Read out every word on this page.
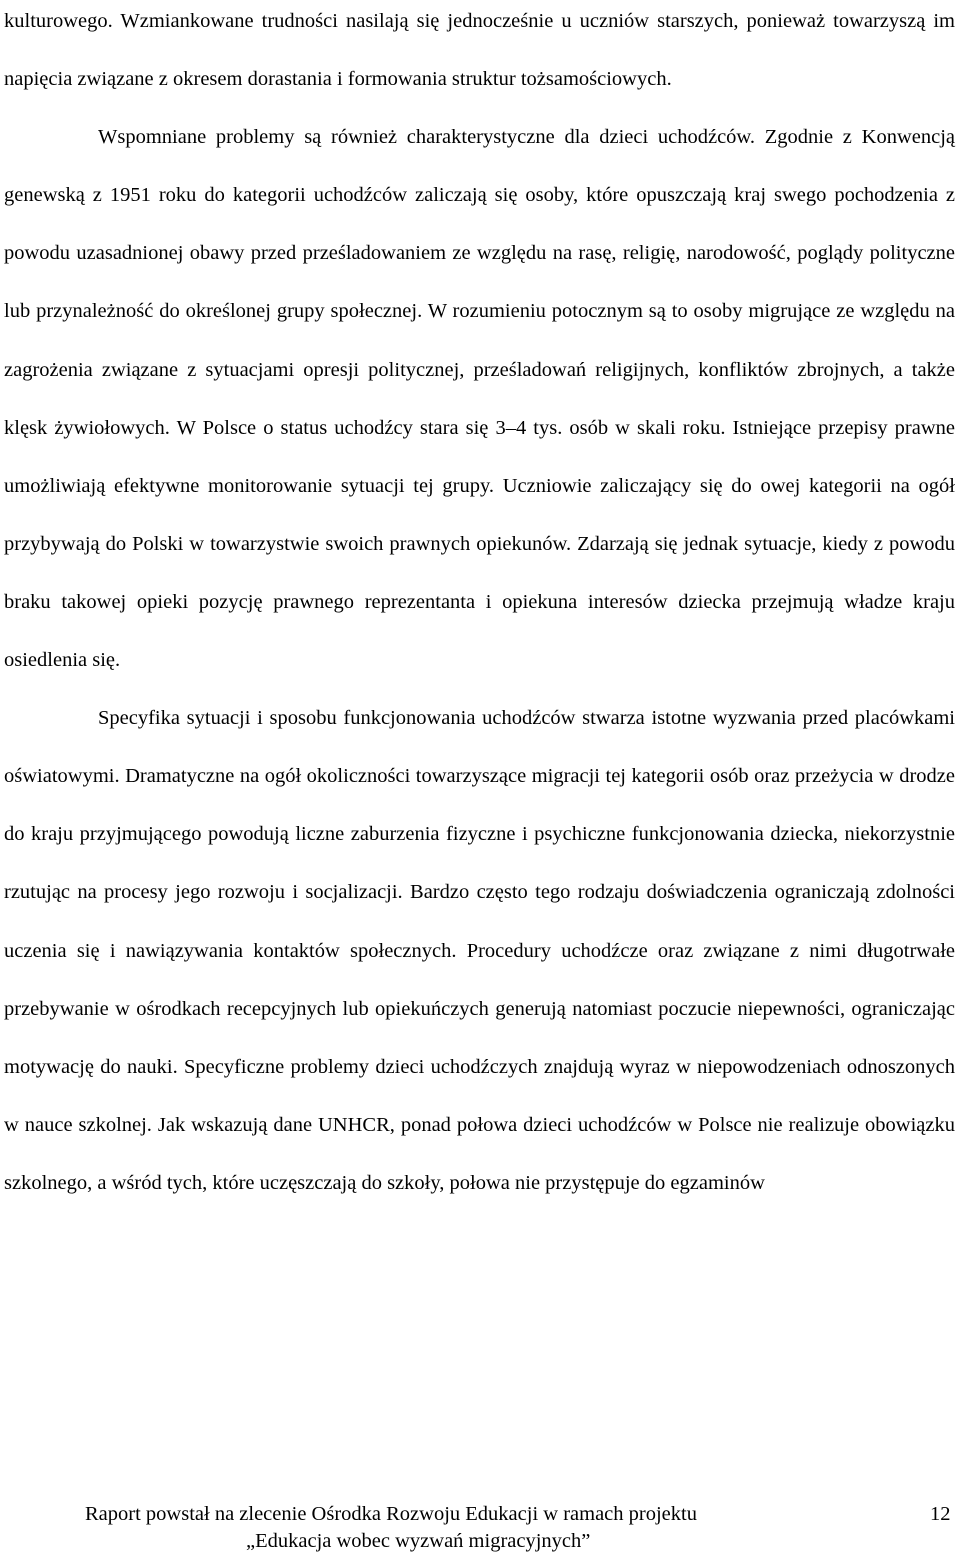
kulturowego. Wzmiankowane trudności nasilają się jednocześnie u uczniów starszych, ponieważ towarzyszą im napięcia związane z okresem dorastania i formowania struktur tożsamościowych.

Wspomniane problemy są również charakterystyczne dla dzieci uchodźców. Zgodnie z Konwencją genewską z 1951 roku do kategorii uchodźców zaliczają się osoby, które opuszczają kraj swego pochodzenia z powodu uzasadnionej obawy przed prześladowaniem ze względu na rasę, religię, narodowość, poglądy polityczne lub przynależność do określonej grupy społecznej. W rozumieniu potocznym są to osoby migrujące ze względu na zagrożenia związane z sytuacjami opresji politycznej, prześladowań religijnych, konfliktów zbrojnych, a także klęsk żywiołowych. W Polsce o status uchodźcy stara się 3–4 tys. osób w skali roku. Istniejące przepisy prawne umożliwiają efektywne monitorowanie sytuacji tej grupy. Uczniowie zaliczający się do owej kategorii na ogół przybywają do Polski w towarzystwie swoich prawnych opiekunów. Zdarzają się jednak sytuacje, kiedy z powodu braku takowej opieki pozycję prawnego reprezentanta i opiekuna interesów dziecka przejmują władze kraju osiedlenia się.

Specyfika sytuacji i sposobu funkcjonowania uchodźców stwarza istotne wyzwania przed placówkami oświatowymi. Dramatyczne na ogół okoliczności towarzyszące migracji tej kategorii osób oraz przeżycia w drodze do kraju przyjmującego powodują liczne zaburzenia fizyczne i psychiczne funkcjonowania dziecka, niekorzystnie rzutując na procesy jego rozwoju i socjalizacji. Bardzo często tego rodzaju doświadczenia ograniczają zdolności uczenia się i nawiązywania kontaktów społecznych. Procedury uchodźcze oraz związane z nimi długotrwałe przebywanie w ośrodkach recepcyjnych lub opiekuńczych generują natomiast poczucie niepewności, ograniczając motywację do nauki. Specyficzne problemy dzieci uchodźczych znajdują wyraz w niepowodzeniach odnoszonych w nauce szkolnej. Jak wskazują dane UNHCR, ponad połowa dzieci uchodźców w Polsce nie realizuje obowiązku szkolnego, a wśród tych, które uczęszczają do szkoły, połowa nie przystępuje do egzaminów

Raport powstał na zlecenie Ośrodka Rozwoju Edukacji w ramach projektu
„Edukacja wobec wyzwań migracyjnych”
12
